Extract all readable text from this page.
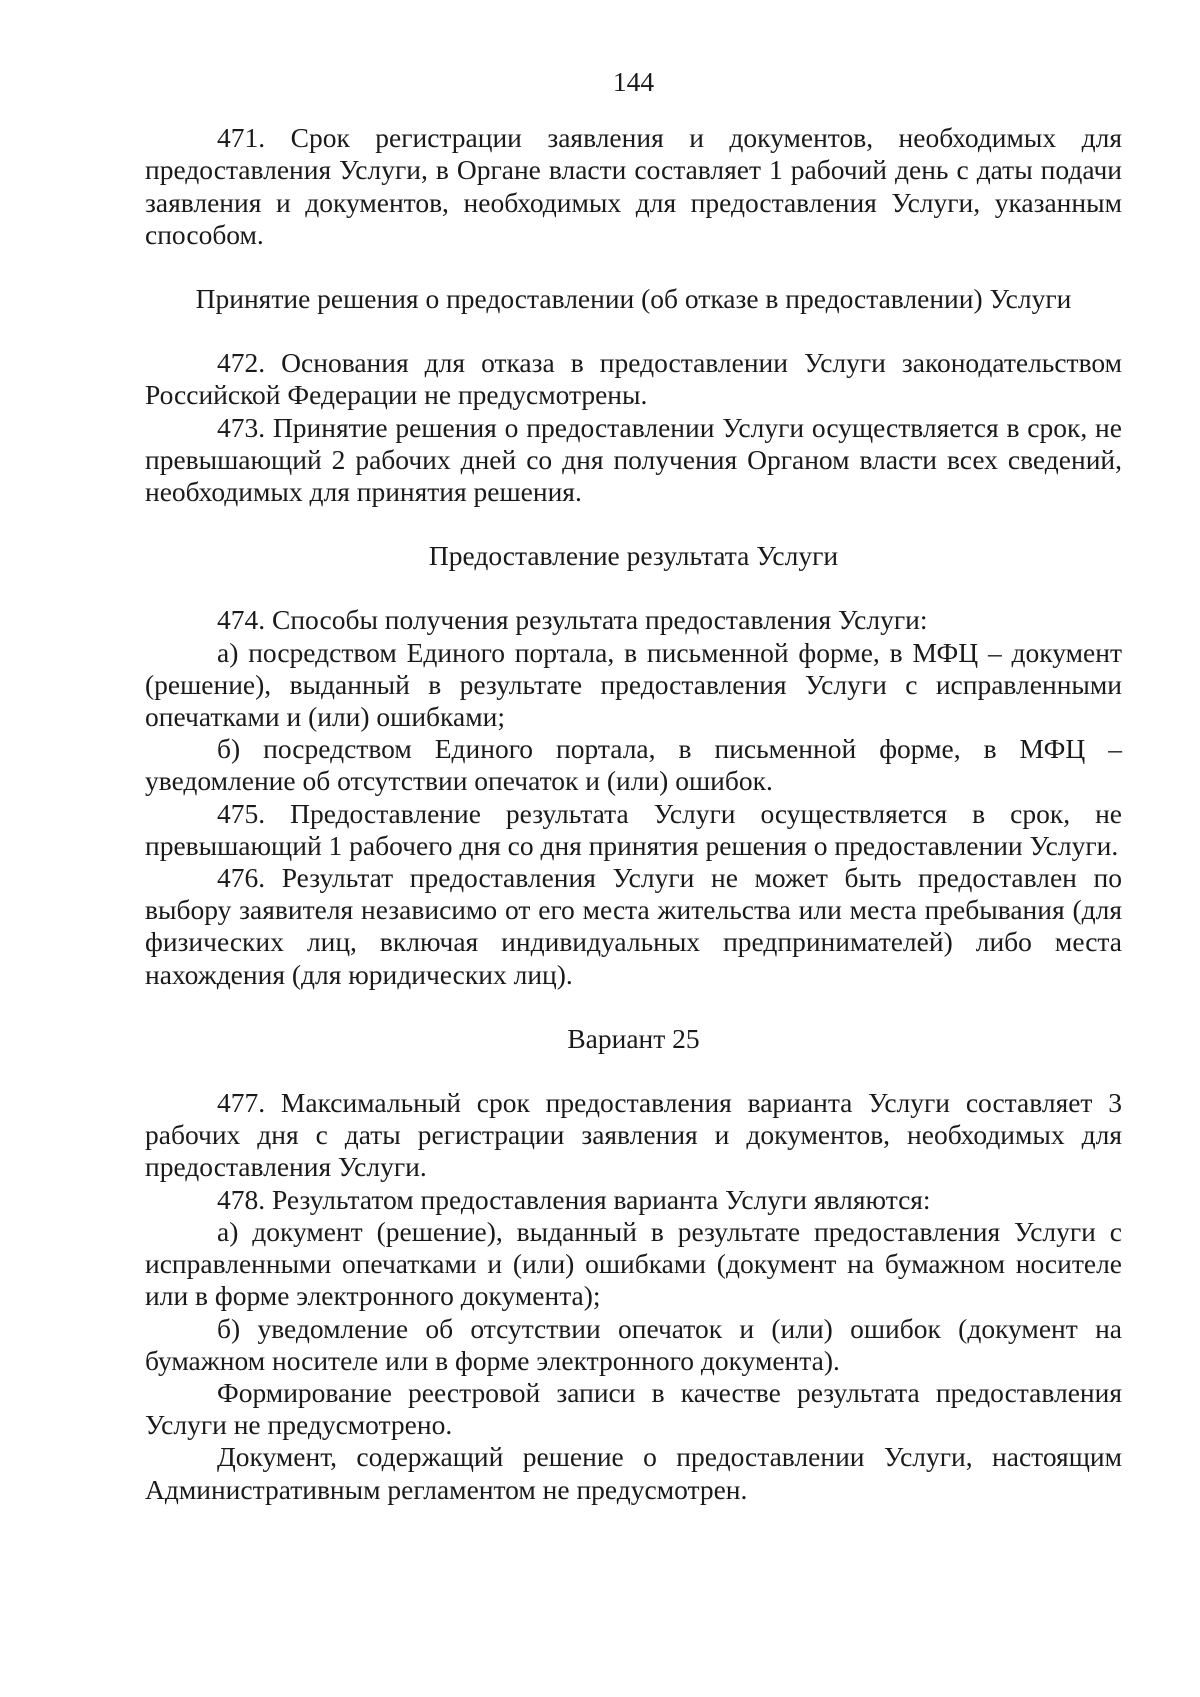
144

471. Срок регистрации заявления и документов, необходимых для предоставления Услуги, в Органе власти составляет 1 рабочий день с даты подачи заявления и документов, необходимых для предоставления Услуги, указанным способом.

Принятие решения о предоставлении (об отказе в предоставлении) Услуги

472. Основания для отказа в предоставлении Услуги законодательством Российской Федерации не предусмотрены.

473. Принятие решения о предоставлении Услуги осуществляется в срок, не превышающий 2 рабочих дней со дня получения Органом власти всех сведений, необходимых для принятия решения.

Предоставление результата Услуги

474. Способы получения результата предоставления Услуги:

а) посредством Единого портала, в письменной форме, в МФЦ – документ (решение), выданный в результате предоставления Услуги с исправленными опечатками и (или) ошибками;

б) посредством Единого портала, в письменной форме, в МФЦ – уведомление об отсутствии опечаток и (или) ошибок.

475. Предоставление результата Услуги осуществляется в срок, не превышающий 1 рабочего дня со дня принятия решения о предоставлении Услуги.

476. Результат предоставления Услуги не может быть предоставлен по выбору заявителя независимо от его места жительства или места пребывания (для физических лиц, включая индивидуальных предпринимателей) либо места нахождения (для юридических лиц).

Вариант 25

477. Максимальный срок предоставления варианта Услуги составляет 3 рабочих дня с даты регистрации заявления и документов, необходимых для предоставления Услуги.

478. Результатом предоставления варианта Услуги являются:

а) документ (решение), выданный в результате предоставления Услуги с исправленными опечатками и (или) ошибками (документ на бумажном носителе или в форме электронного документа);

б) уведомление об отсутствии опечаток и (или) ошибок (документ на бумажном носителе или в форме электронного документа).

Формирование реестровой записи в качестве результата предоставления Услуги не предусмотрено.

Документ, содержащий решение о предоставлении Услуги, настоящим Административным регламентом не предусмотрен.
